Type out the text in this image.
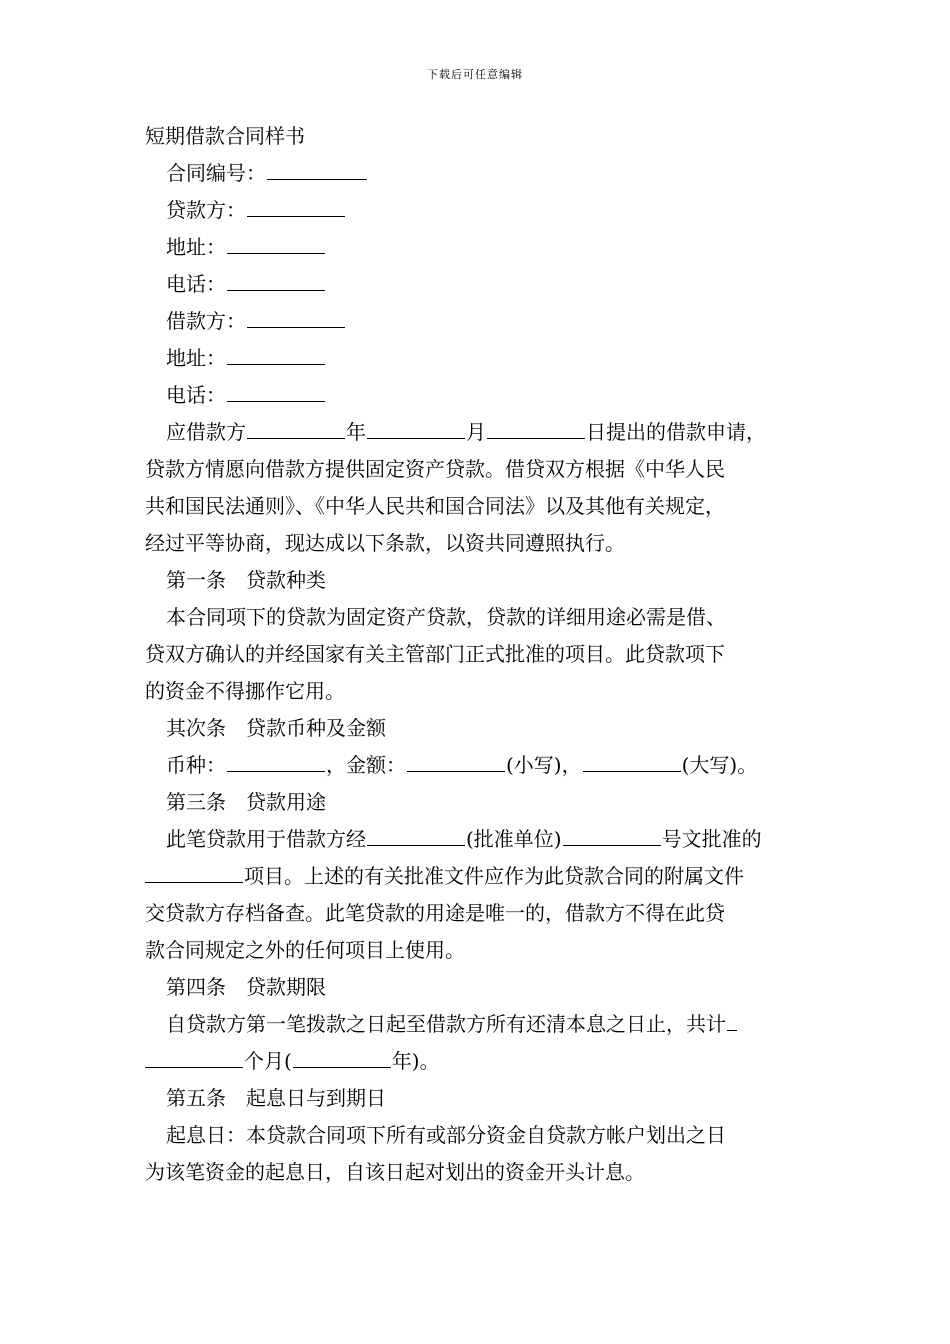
下载后可任意编辑
短期借款合同样书
合同编号：
贷款方：
地址：
电话：
借款方：
地址：
电话：
应借款方	年	月	日提出的借款申请，
贷款方情愿向借款方提供固定资产贷款。借贷双方根据《中华人民
共和国民法通则》、《中华人民共和国合同法》以及其他有关规定，
经过平等协商，现达成以下条款，以资共同遵照执行。
第一条　贷款种类
本合同项下的贷款为固定资产贷款，贷款的详细用途必需是借、
贷双方确认的并经国家有关主管部门正式批准的项目。此贷款项下
的资金不得挪作它用。
其次条　贷款币种及金额
币种：	，金额：	(小写)，	(大写)。
第三条　贷款用途
此笔贷款用于借款方经	(批准单位)	号文批准的
项目。上述的有关批准文件应作为此贷款合同的附属文件
交贷款方存档备查。此笔贷款的用途是唯一的，借款方不得在此贷
款合同规定之外的任何项目上使用。
第四条　贷款期限
自贷款方第一笔拨款之日起至借款方所有还清本息之日止，共计
个月(	年)。
第五条　起息日与到期日
起息日：本贷款合同项下所有或部分资金自贷款方帐户划出之日
为该笔资金的起息日，自该日起对划出的资金开头计息。
